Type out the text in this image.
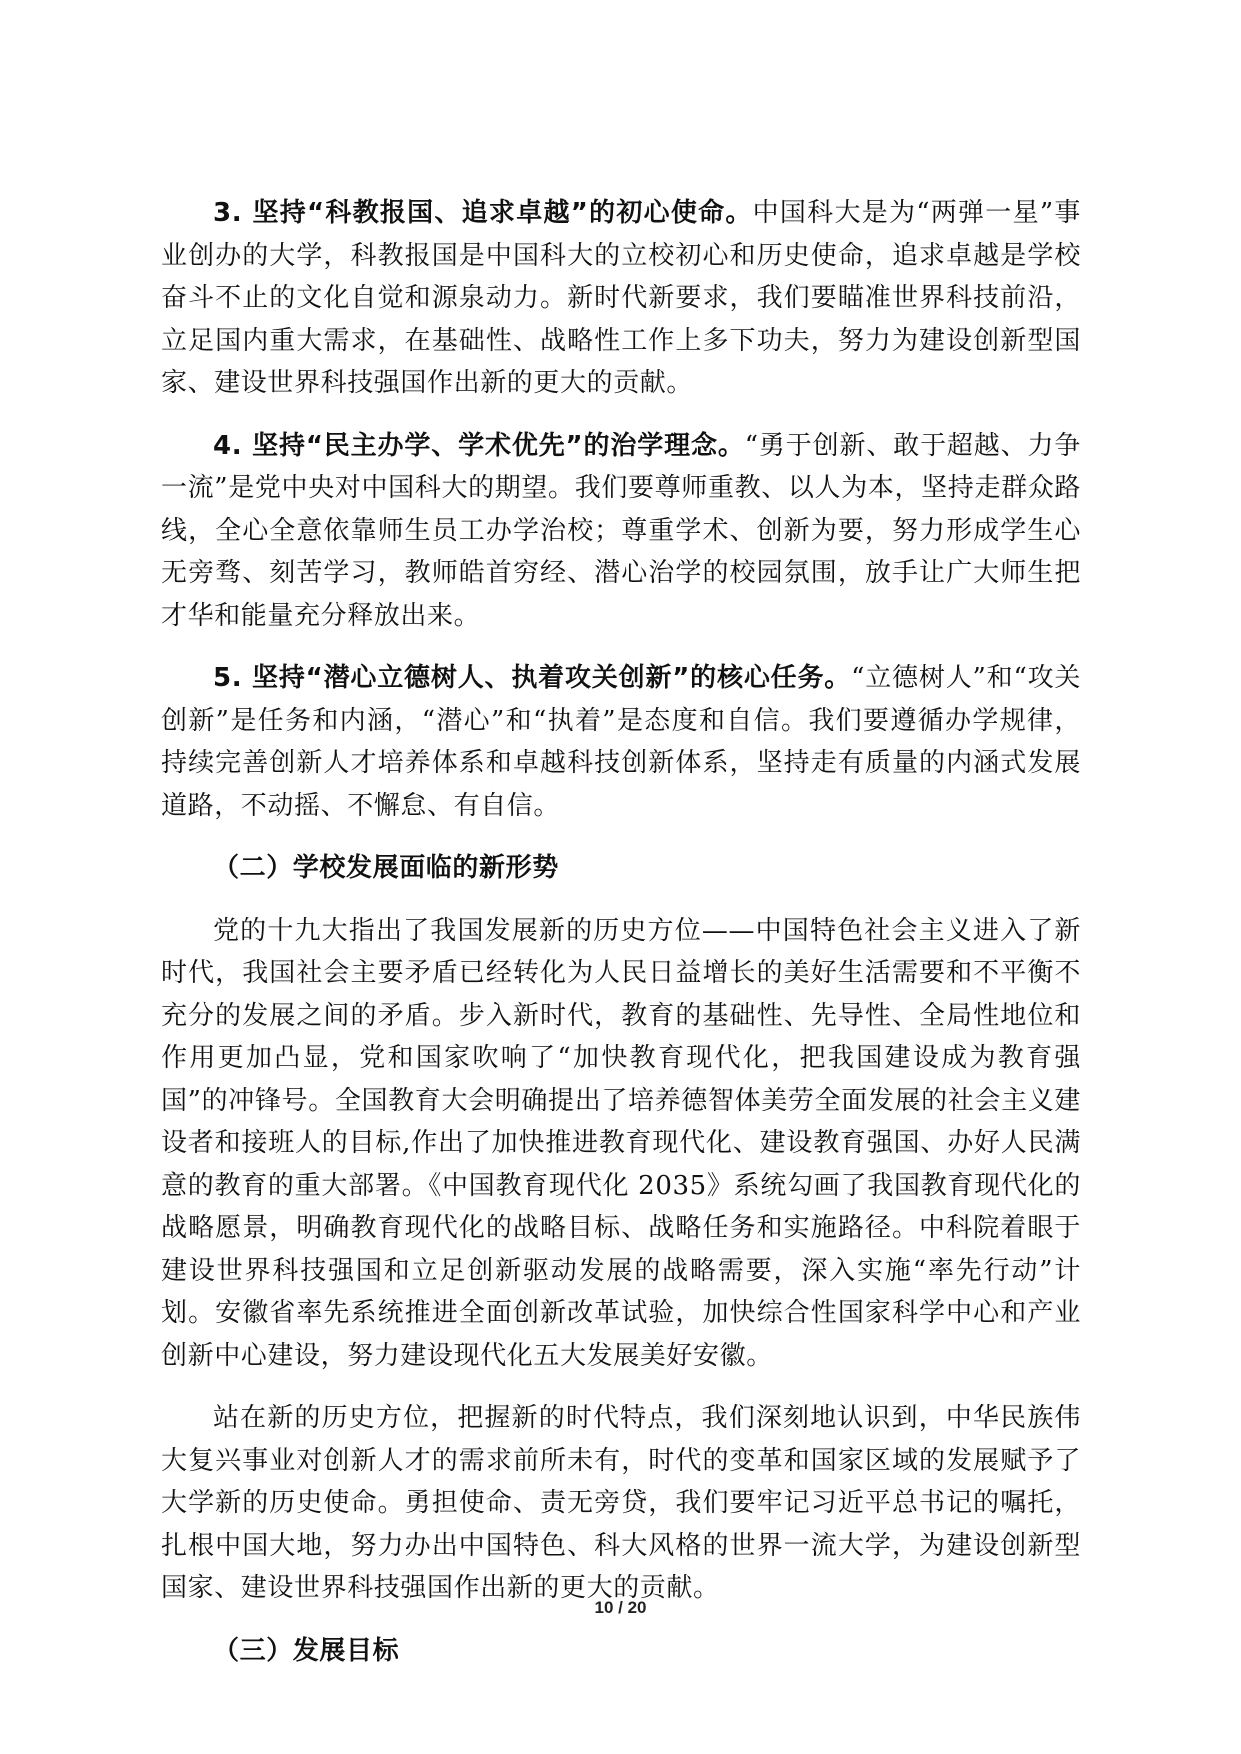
3. 坚持“科教报国、追求卓越”的初心使命。中国科大是为“两弹一星”事业创办的大学，科教报国是中国科大的立校初心和历史使命，追求卓越是学校奋斗不止的文化自觉和源泉动力。新时代新要求，我们要瞄准世界科技前沿，立足国内重大需求，在基础性、战略性工作上多下功夫，努力为建设创新型国家、建设世界科技强国作出新的更大的贡献。

4. 坚持“民主办学、学术优先”的治学理念。“勇于创新、敢于超越、力争一流”是党中央对中国科大的期望。我们要尊师重教、以人为本，坚持走群众路线，全心全意依靠师生员工办学治校；尊重学术、创新为要，努力形成学生心无旁骛、刻苦学习，教师皓首穷经、潜心治学的校园氛围，放手让广大师生把才华和能量充分释放出来。

5. 坚持“潜心立德树人、执着攻关创新”的核心任务。“立德树人”和“攻关创新”是任务和内涵，“潜心”和“执着”是态度和自信。我们要遵循办学规律，持续完善创新人才培养体系和卓越科技创新体系，坚持走有质量的内涵式发展道路，不动摇、不懈怠、有自信。

（二）学校发展面临的新形势

党的十九大指出了我国发展新的历史方位——中国特色社会主义进入了新时代，我国社会主要矛盾已经转化为人民日益增长的美好生活需要和不平衡不充分的发展之间的矛盾。步入新时代，教育的基础性、先导性、全局性地位和作用更加凸显，党和国家吹响了“加快教育现代化，把我国建设成为教育强国”的冲锋号。全国教育大会明确提出了培养德智体美劳全面发展的社会主义建设者和接班人的目标,作出了加快推进教育现代化、建设教育强国、办好人民满意的教育的重大部署。《中国教育现代化 2035》系统勾画了我国教育现代化的战略愿景，明确教育现代化的战略目标、战略任务和实施路径。中科院着眼于建设世界科技强国和立足创新驱动发展的战略需要，深入实施“率先行动”计划。安徽省率先系统推进全面创新改革试验，加快综合性国家科学中心和产业创新中心建设，努力建设现代化五大发展美好安徽。

站在新的历史方位，把握新的时代特点，我们深刻地认识到，中华民族伟大复兴事业对创新人才的需求前所未有，时代的变革和国家区域的发展赋予了大学新的历史使命。勇担使命、责无旁贷，我们要牢记习近平总书记的嘱托，扎根中国大地，努力办出中国特色、科大风格的世界一流大学，为建设创新型国家、建设世界科技强国作出新的更大的贡献。

（三）发展目标
10 / 20
